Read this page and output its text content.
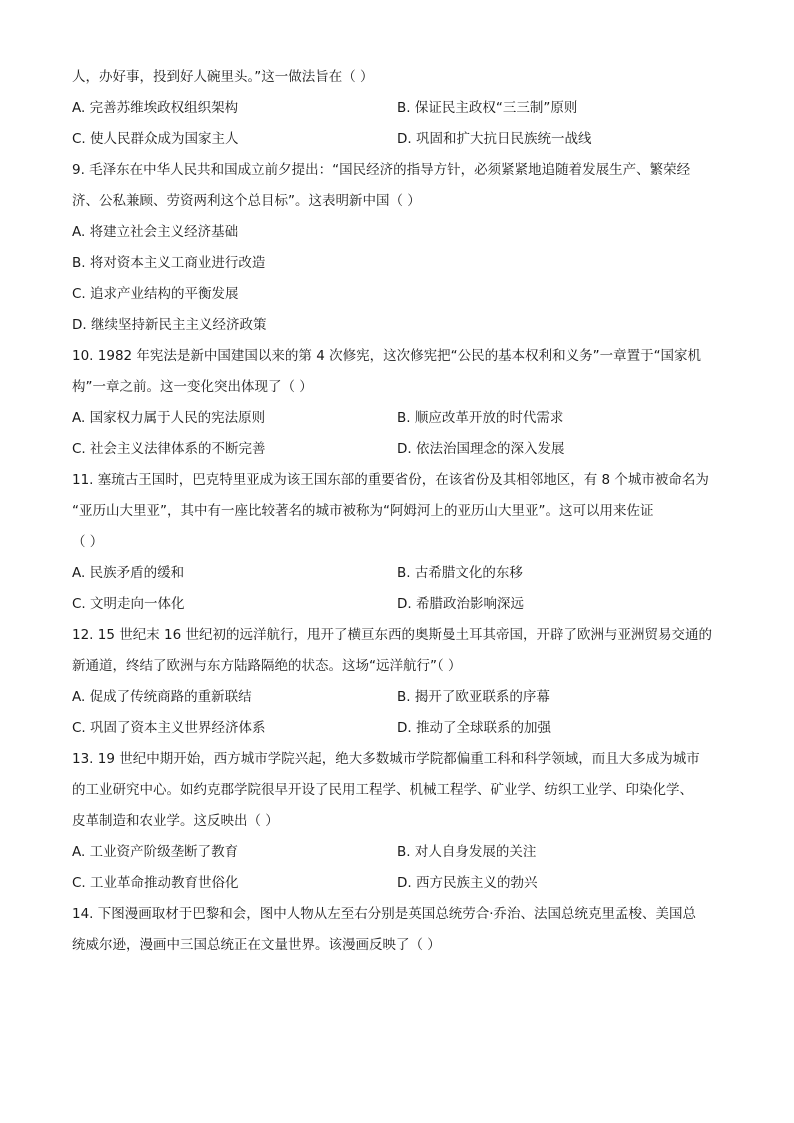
人，办好事，投到好人碗里头。”这一做法旨在（ ）
A. 完善苏维埃政权组织架构	B. 保证民主政权“三三制”原则
C. 使人民群众成为国家主人	D. 巩固和扩大抗日民族统一战线
9. 毛泽东在中华人民共和国成立前夕提出：“国民经济的指导方针，必须紧紧地追随着发展生产、繁荣经
济、公私兼顾、劳资两利这个总目标”。这表明新中国（ ）
A. 将建立社会主义经济基础
B. 将对资本主义工商业进行改造
C. 追求产业结构的平衡发展
D. 继续坚持新民主主义经济政策
10. 1982 年宪法是新中国建国以来的第 4 次修宪，这次修宪把“公民的基本权利和义务”一章置于“国家机
构”一章之前。这一变化突出体现了（ ）
A. 国家权力属于人民的宪法原则	B. 顺应改革开放的时代需求
C. 社会主义法律体系的不断完善	D. 依法治国理念的深入发展
11. 塞琉古王国时，巴克特里亚成为该王国东部的重要省份，在该省份及其相邻地区，有 8 个城市被命名为
“亚历山大里亚”，其中有一座比较著名的城市被称为“阿姆河上的亚历山大里亚”。这可以用来佐证
（ ）
A. 民族矛盾的缓和	B. 古希腊文化的东移
C. 文明走向一体化	D. 希腊政治影响深远
12. 15 世纪末 16 世纪初的远洋航行，甩开了横亘东西的奥斯曼土耳其帝国，开辟了欧洲与亚洲贸易交通的
新通道，终结了欧洲与东方陆路隔绝的状态。这场“远洋航行”（ ）
A. 促成了传统商路的重新联结	B. 揭开了欧亚联系的序幕
C. 巩固了资本主义世界经济体系	D. 推动了全球联系的加强
13. 19 世纪中期开始，西方城市学院兴起，绝大多数城市学院都偏重工科和科学领域，而且大多成为城市
的工业研究中心。如约克郡学院很早开设了民用工程学、机械工程学、矿业学、纺织工业学、印染化学、
皮革制造和农业学。这反映出（ ）
A. 工业资产阶级垄断了教育	B. 对人自身发展的关注
C. 工业革命推动教育世俗化	D. 西方民族主义的勃兴
14. 下图漫画取材于巴黎和会，图中人物从左至右分别是英国总统劳合·乔治、法国总统克里孟梭、美国总
统威尔逊，漫画中三国总统正在文量世界。该漫画反映了（ ）
